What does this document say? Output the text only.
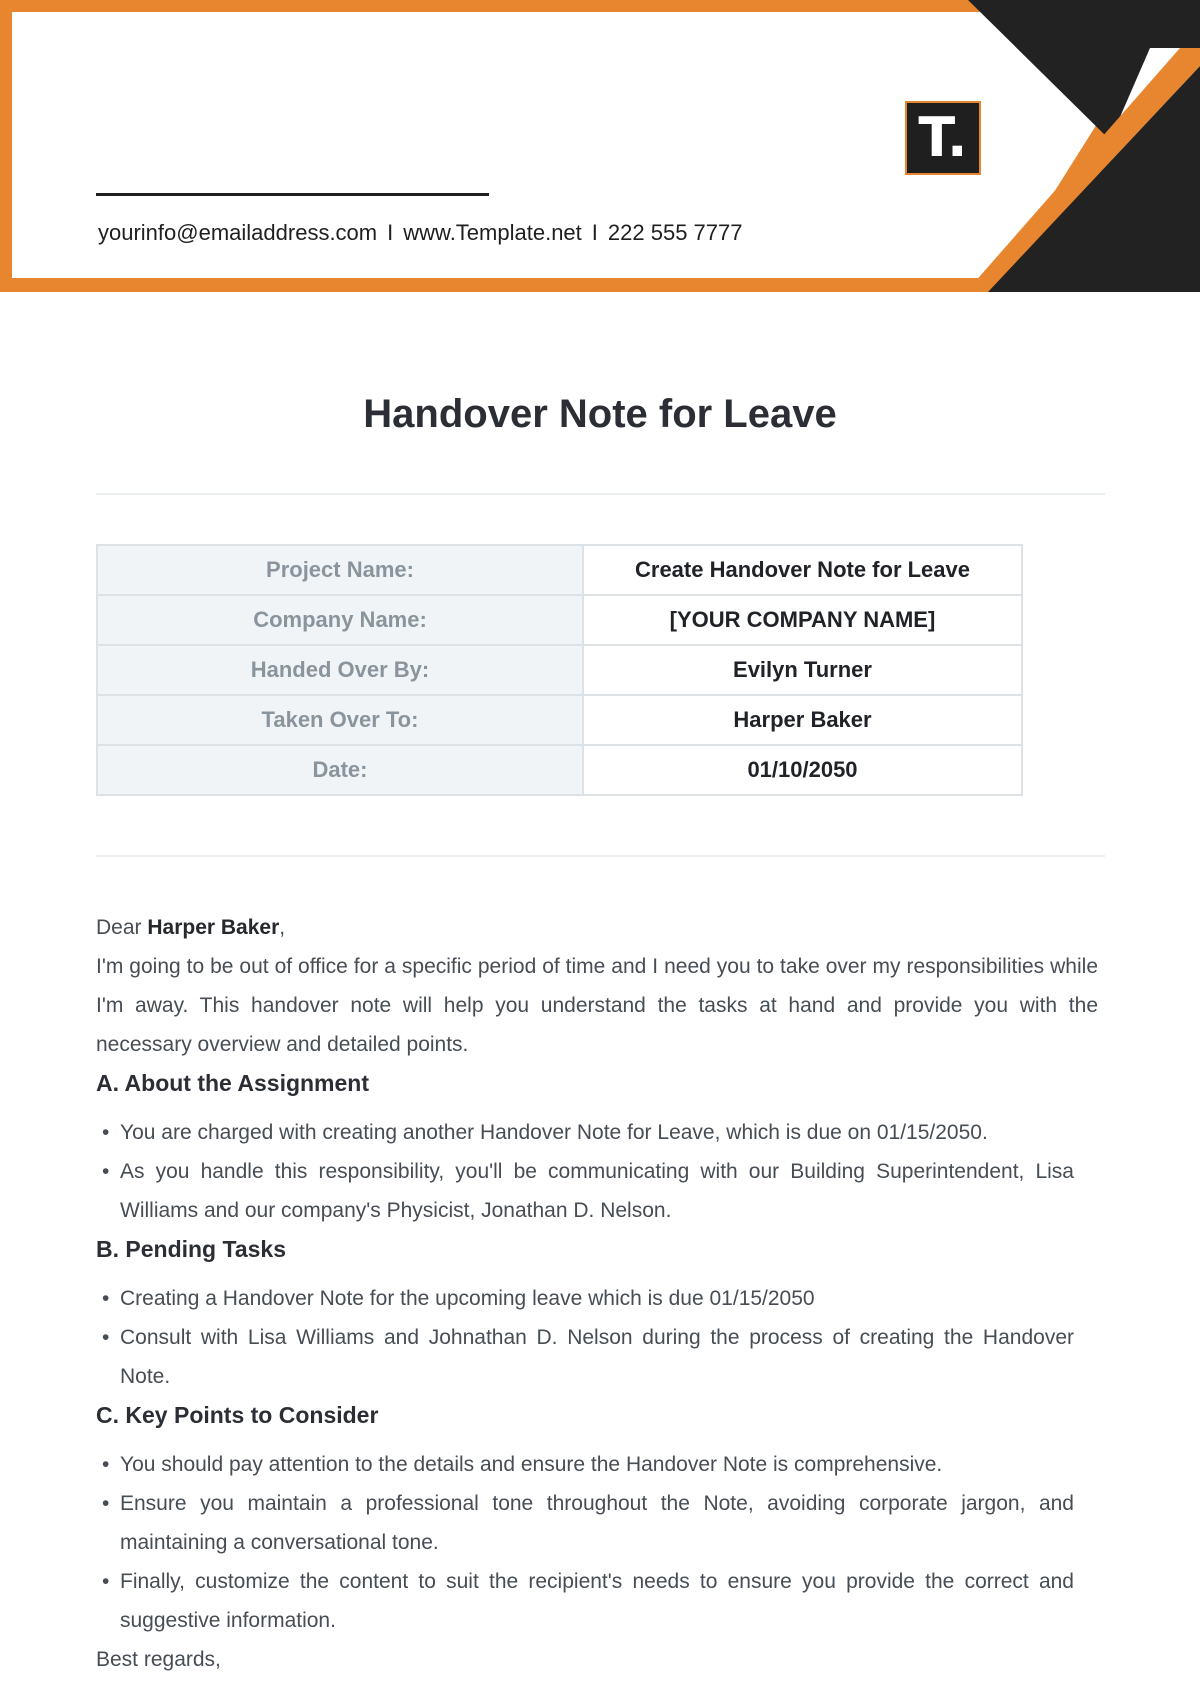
yourinfo@emailaddress.com I www.Template.net I 222 555 7777
T.
Handover Note for Leave
Project Name:	Create Handover Note for Leave
Company Name:	[YOUR COMPANY NAME]
Handed Over By:	Evilyn Turner
Taken Over To:	Harper Baker
Date:	01/10/2050

Dear Harper Baker,

I'm going to be out of office for a specific period of time and I need you to take over my responsibilities while I'm away. This handover note will help you understand the tasks at hand and provide you with the necessary overview and detailed points.

A. About the Assignment
• You are charged with creating another Handover Note for Leave, which is due on 01/15/2050.
• As you handle this responsibility, you'll be communicating with our Building Superintendent, Lisa Williams and our company's Physicist, Jonathan D. Nelson.
B. Pending Tasks
• Creating a Handover Note for the upcoming leave which is due 01/15/2050
• Consult with Lisa Williams and Johnathan D. Nelson during the process of creating the Handover Note.
C. Key Points to Consider
• You should pay attention to the details and ensure the Handover Note is comprehensive.
• Ensure you maintain a professional tone throughout the Note, avoiding corporate jargon, and maintaining a conversational tone.
• Finally, customize the content to suit the recipient's needs to ensure you provide the correct and suggestive information.

Best regards,
